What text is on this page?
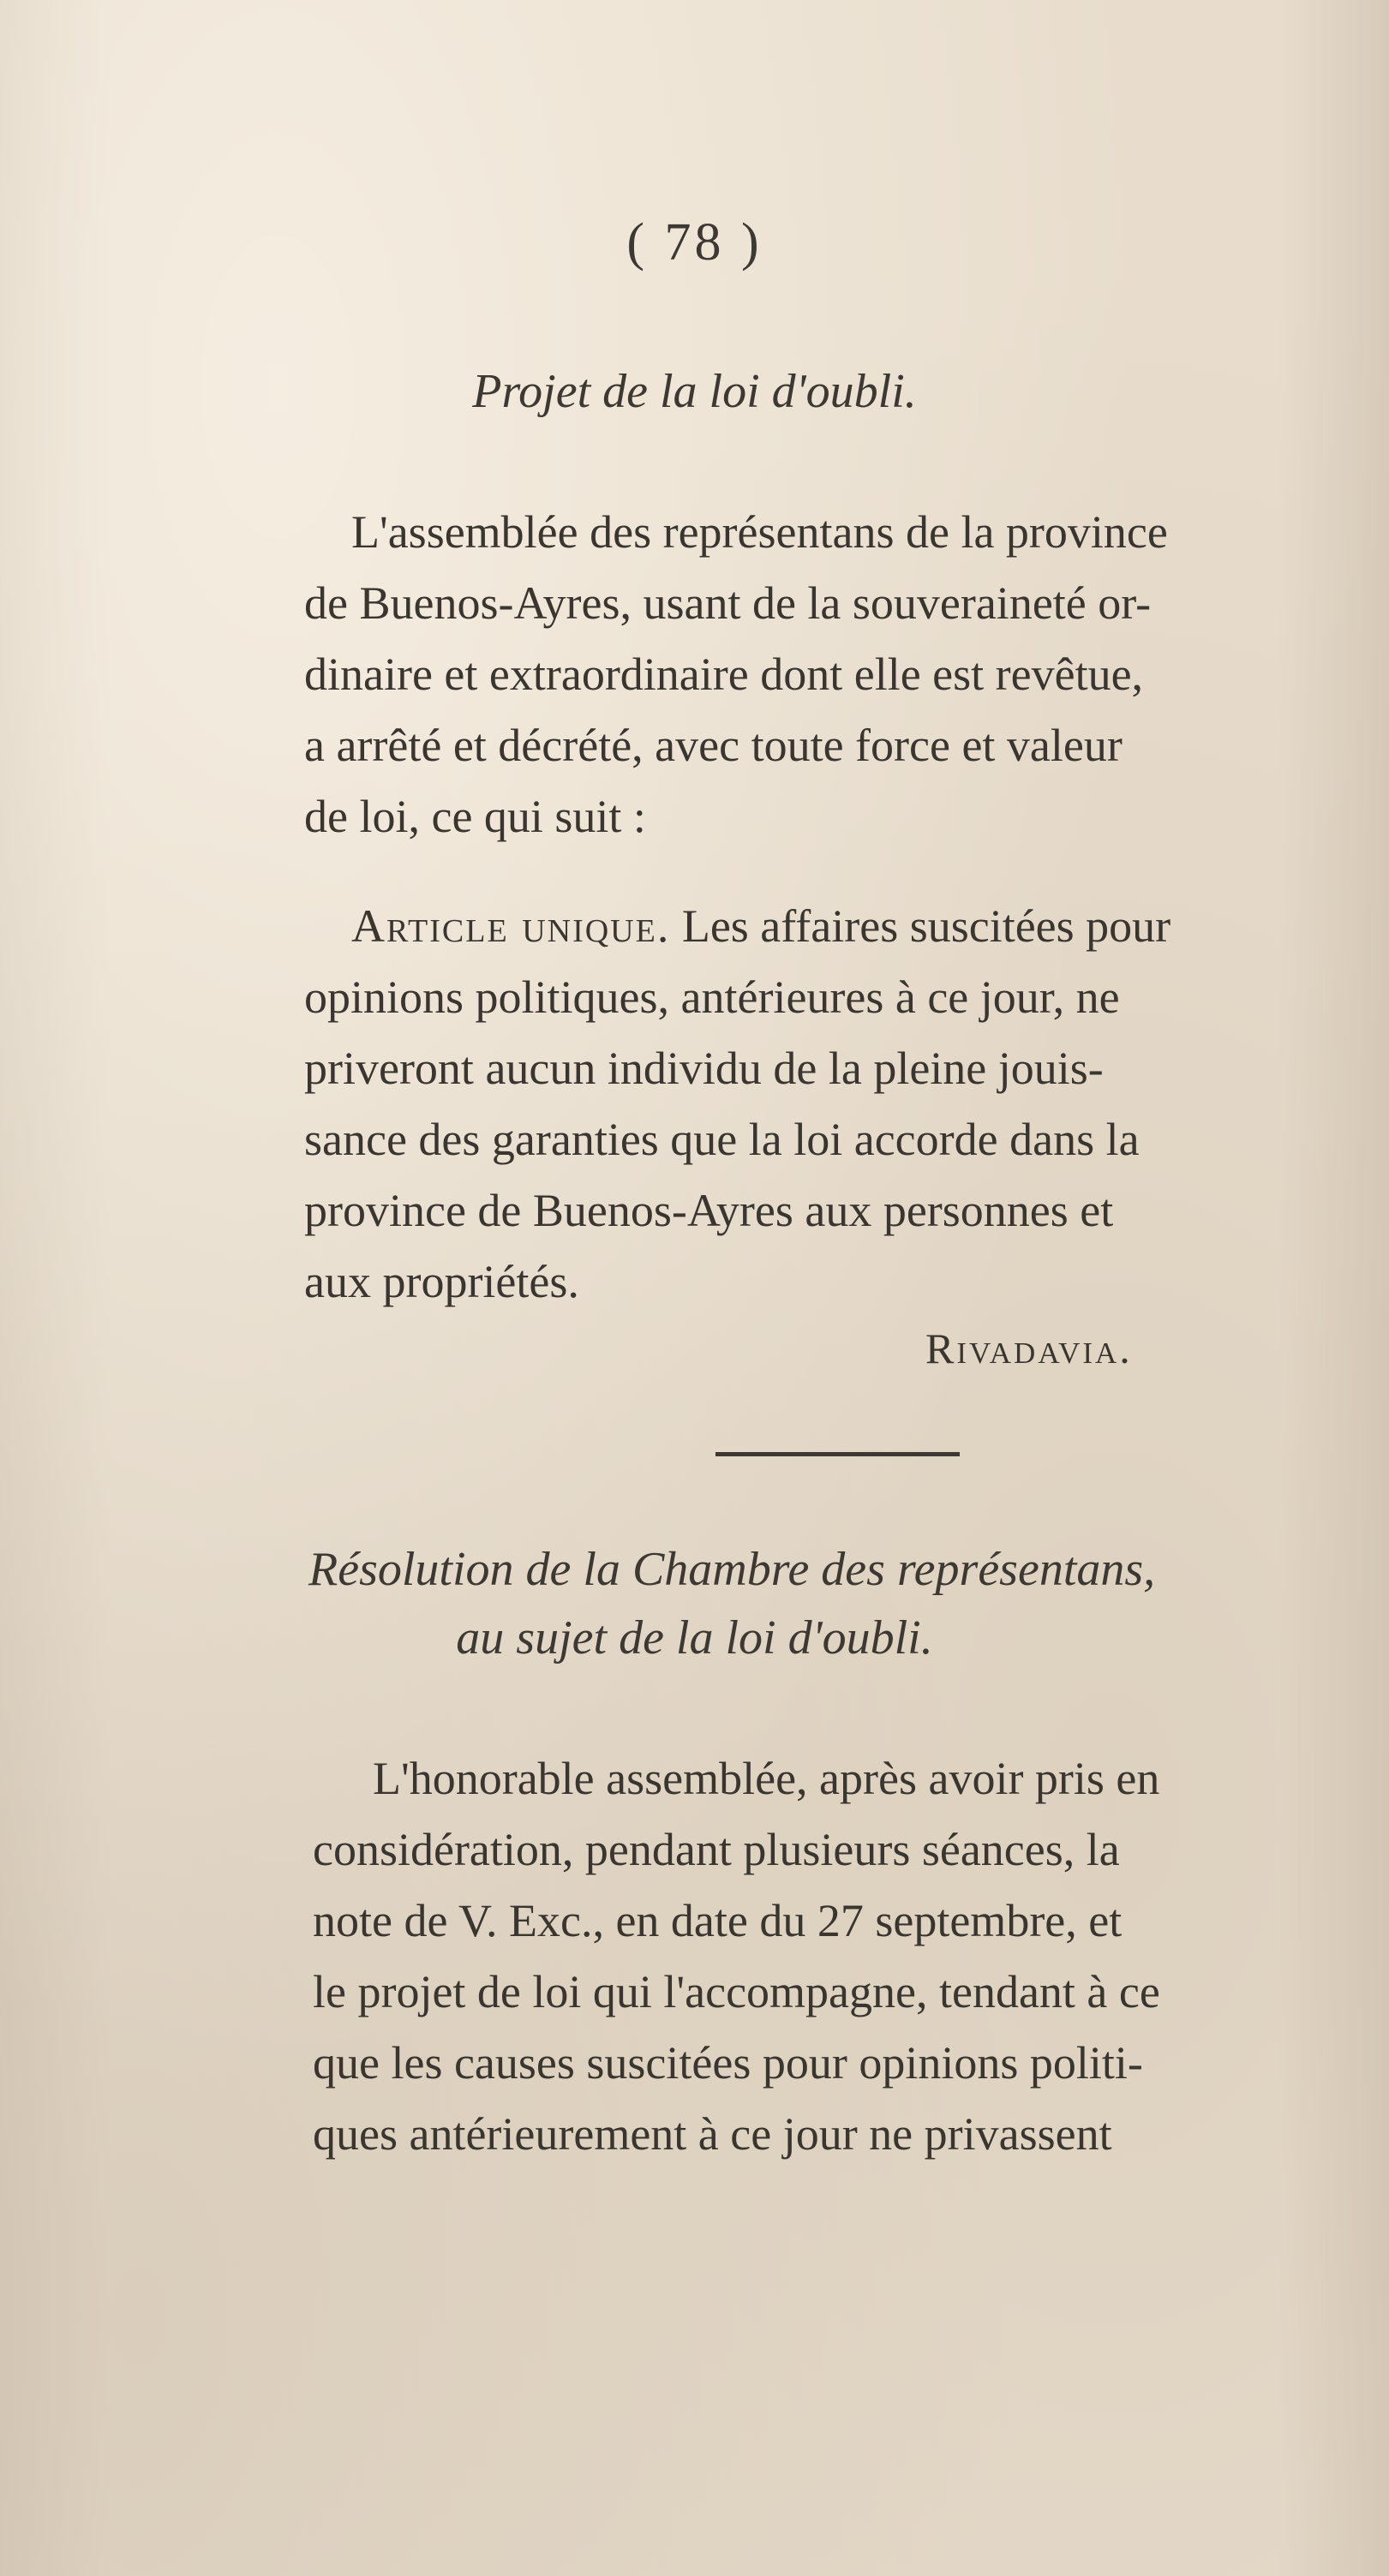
( 78 )
Projet de la loi d'oubli.
L'assemblée des représentans de la province
de Buenos-Ayres, usant de la souveraineté or-
dinaire et extraordinaire dont elle est revêtue,
a arrêté et décrété, avec toute force et valeur
de loi, ce qui suit :
Article unique. Les affaires suscitées pour
opinions politiques, antérieures à ce jour, ne
priveront aucun individu de la pleine jouis-
sance des garanties que la loi accorde dans la
province de Buenos-Ayres aux personnes et
aux propriétés.
Rivadavia.
Résolution de la Chambre des représentans,
au sujet de la loi d'oubli.
L'honorable assemblée, après avoir pris en
considération, pendant plusieurs séances, la
note de V. Exc., en date du 27 septembre, et
le projet de loi qui l'accompagne, tendant à ce
que les causes suscitées pour opinions politi-
ques antérieurement à ce jour ne privassent
